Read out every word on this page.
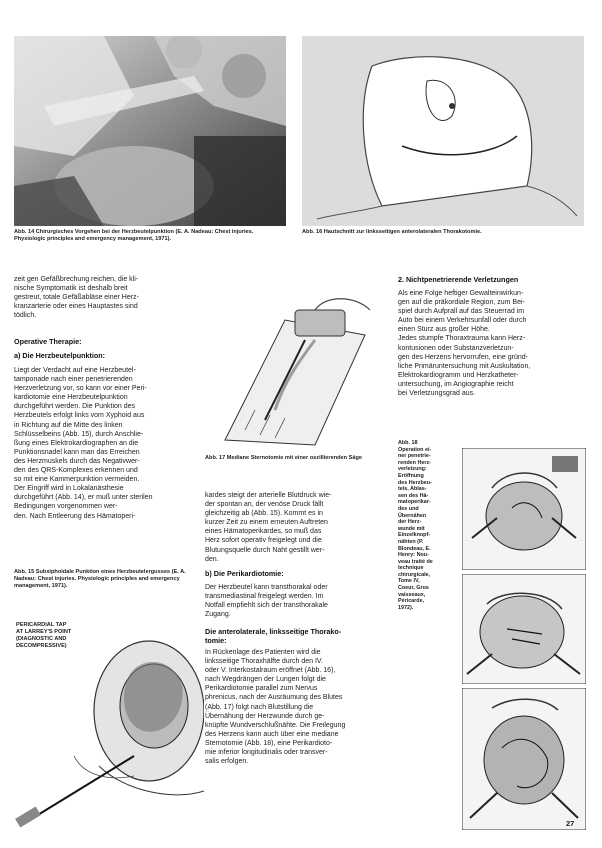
Abb. 14 Chirurgisches Vorgehen bei der Herzbeutelpunktion (E. A. Nadeau: Chest injuries. Physiologic principles and emergency management, 1971).
Abb. 16 Hautschnitt zur linksseitigen anterolateralen Thorakotomie.
zeit gen Gefäßbrechung reichen, die kli-
nische Symptomatik ist deshalb breit
gestreut, totale Gefäßabläse einer Herz-
kranzarterie oder eines Hauptastes sind
tödlich.
Operative Therapie:
a) Die Herzbeutelpunktion:
Liegt der Verdacht auf eine Herzbeutel-
tamponade nach einer penetrierenden
Herzverletzung vor, so kann vor einer Peri-
kardiotomie eine Herzbeutelpunktion
durchgeführt werden. Die Punktion des
Herzbeutels erfolgt links vom Xyphoid aus
in Richtung auf die Mitte des linken
Schlüsselbeins (Abb. 15), durch Anschlie-
ßung eines Elektrokardiographen an die
Punktionsnadel kann man das Erreichen
des Herzmuskels durch das Negativwer-
den des QRS-Komplexes erkennen und
so mit eine Kammerpunktion vermeiden.
Der Eingriff wird in Lokalanästhesie
durchgeführt (Abb. 14), er muß unter sterilen
Bedingungen vorgenommen wer-
den. Nach Entleerung des Hämatoperi-
Abb. 15 Subxiphoidale Punktion eines Herzbeutelergusses (E. A. Nadeau: Chest injuries. Physiologic principles and emergency management, 1971).
PERICARDIAL TAP
AT LARREY'S POINT
(DIAGNOSTIC AND
DECOMPRESSIVE)
Abb. 17 Mediane Sternotomie mit einer oszillierenden Säge
kardes steigt der arterielle Blutdruck wie-
der spontan an, der venöse Druck fällt
gleichzeitig ab (Abb. 15). Kommt es in
kurzer Zeit zu einem erneuten Auftreten
eines Hämatoperikardes, so muß das
Herz sofort operativ freigelegt und die
Blutungsquelle durch Naht gestillt wer-
den.
b) Die Perikardiotomie:
Der Herzbeutel kann transthorakal oder
transmediastinal freigelegt werden. Im
Notfall empfiehlt sich der transthorakale
Zugang.
Die anterolaterale, linksseitige Thorako-
tomie:
In Rückenlage des Patienten wird die
linksseitige Thoraxhälfte durch den IV.
oder V. Interkostalraum eröffnet (Abb. 16),
nach Wegdrängen der Lungen folgt die
Perikardiotomie parallel zum Nervus
phrenicus, nach der Ausräumung des Blutes
(Abb. 17) folgt nach Blutstillung die
Übernähung der Herzwunde durch ge-
knüpfte Wundverschlußnähte. Die Freilegung
des Herzens kann auch über eine mediane
Sternotomie (Abb. 18), eine Perikardioto-
mie inferior longitudinalis oder transver-
salis erfolgen.
2. Nichtpenetrierende Verletzungen
Als eine Folge heftiger Gewalteinwirkun-
gen auf die präkordiale Region, zum Bei-
spiel durch Aufprall auf das Steuerrad im
Auto bei einem Verkehrsunfall oder durch
einen Sturz aus großer Höhe.
Jedes stumpfe Thoraxtrauma kann Herz-
kontusionen oder Substanzverletzun-
gen des Herzens hervorrufen, eine gründ-
liche Primäruntersuchung mit Auskultation,
Elektrokardiogramm und Herzkatheter-
untersuchung, im Angiographie reicht
bei Verletzungsgrad aus.
Abb. 18
Operation ei-
ner penetrie-
renden Herz-
verletzung:
Eröffnung
des Herzbeu-
tels, Ablas-
sen des Hä-
matoperikar-
des und
Übernähen
der Herz-
wunde mit
Einzelknopf-
nähten (P.
Blondeau, E.
Henry: Nou-
veau traité de
technique
chirurgicale,
Tome IV,
Coeur, Gros
vaisseaux,
Péricarde,
1972).
27
